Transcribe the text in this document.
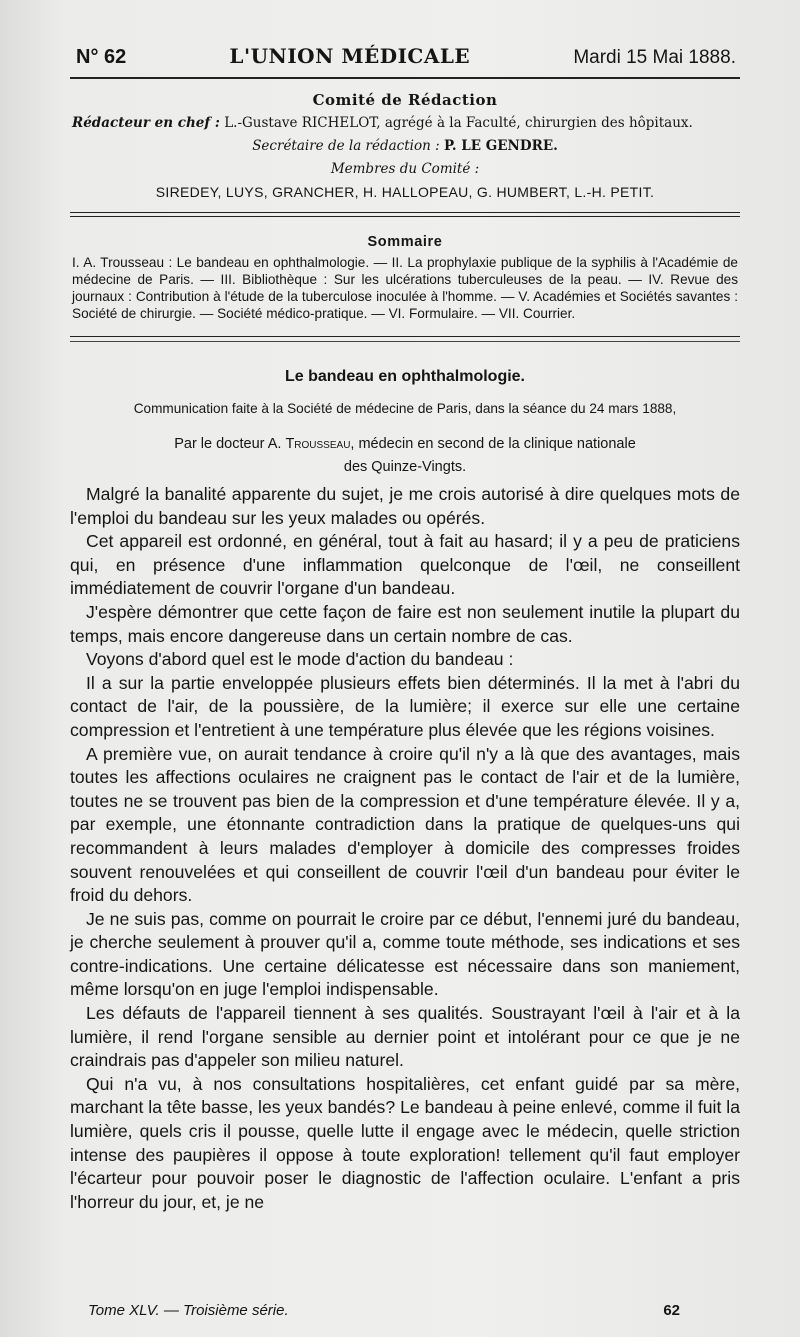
N° 62	L'UNION MÉDICALE	Mardi 15 Mai 1888.
Comité de Rédaction
Rédacteur en chef : L.-Gustave RICHELOT, agrégé à la Faculté, chirurgien des hôpitaux.
Secrétaire de la rédaction : P. LE GENDRE.
Membres du Comité :
SIREDEY, LUYS, GRANCHER, H. HALLOPEAU, G. HUMBERT, L.-H. PETIT.
Sommaire
I. A. Trousseau : Le bandeau en ophthalmologie. — II. La prophylaxie publique de la syphilis à l'Académie de médecine de Paris. — III. Bibliothèque : Sur les ulcérations tuberculeuses de la peau. — IV. Revue des journaux : Contribution à l'étude de la tuberculose inoculée à l'homme. — V. Académies et Sociétés savantes : Société de chirurgie. — Société médico-pratique. — VI. Formulaire. — VII. Courrier.
Le bandeau en ophthalmologie.
Communication faite à la Société de médecine de Paris, dans la séance du 24 mars 1888,
Par le docteur A. Trousseau, médecin en second de la clinique nationale
des Quinze-Vingts.

Malgré la banalité apparente du sujet, je me crois autorisé à dire quelques mots de l'emploi du bandeau sur les yeux malades ou opérés.

Cet appareil est ordonné, en général, tout à fait au hasard; il y a peu de praticiens qui, en présence d'une inflammation quelconque de l'œil, ne conseillent immédiatement de couvrir l'organe d'un bandeau.

J'espère démontrer que cette façon de faire est non seulement inutile la plupart du temps, mais encore dangereuse dans un certain nombre de cas.

Voyons d'abord quel est le mode d'action du bandeau :

Il a sur la partie enveloppée plusieurs effets bien déterminés. Il la met à l'abri du contact de l'air, de la poussière, de la lumière; il exerce sur elle une certaine compression et l'entretient à une température plus élevée que les régions voisines.

A première vue, on aurait tendance à croire qu'il n'y a là que des avantages, mais toutes les affections oculaires ne craignent pas le contact de l'air et de la lumière, toutes ne se trouvent pas bien de la compression et d'une température élevée. Il y a, par exemple, une étonnante contradiction dans la pratique de quelques-uns qui recommandent à leurs malades d'employer à domicile des compresses froides souvent renouvelées et qui conseillent de couvrir l'œil d'un bandeau pour éviter le froid du dehors.

Je ne suis pas, comme on pourrait le croire par ce début, l'ennemi juré du bandeau, je cherche seulement à prouver qu'il a, comme toute méthode, ses indications et ses contre-indications. Une certaine délicatesse est nécessaire dans son maniement, même lorsqu'on en juge l'emploi indispensable.

Les défauts de l'appareil tiennent à ses qualités. Soustrayant l'œil à l'air et à la lumière, il rend l'organe sensible au dernier point et intolérant pour ce que je ne craindrais pas d'appeler son milieu naturel.

Qui n'a vu, à nos consultations hospitalières, cet enfant guidé par sa mère, marchant la tête basse, les yeux bandés? Le bandeau à peine enlevé, comme il fuit la lumière, quels cris il pousse, quelle lutte il engage avec le médecin, quelle striction intense des paupières il oppose à toute exploration! tellement qu'il faut employer l'écarteur pour pouvoir poser le diagnostic de l'affection oculaire. L'enfant a pris l'horreur du jour, et, je ne

Tome XLV. — Troisième série.	62
